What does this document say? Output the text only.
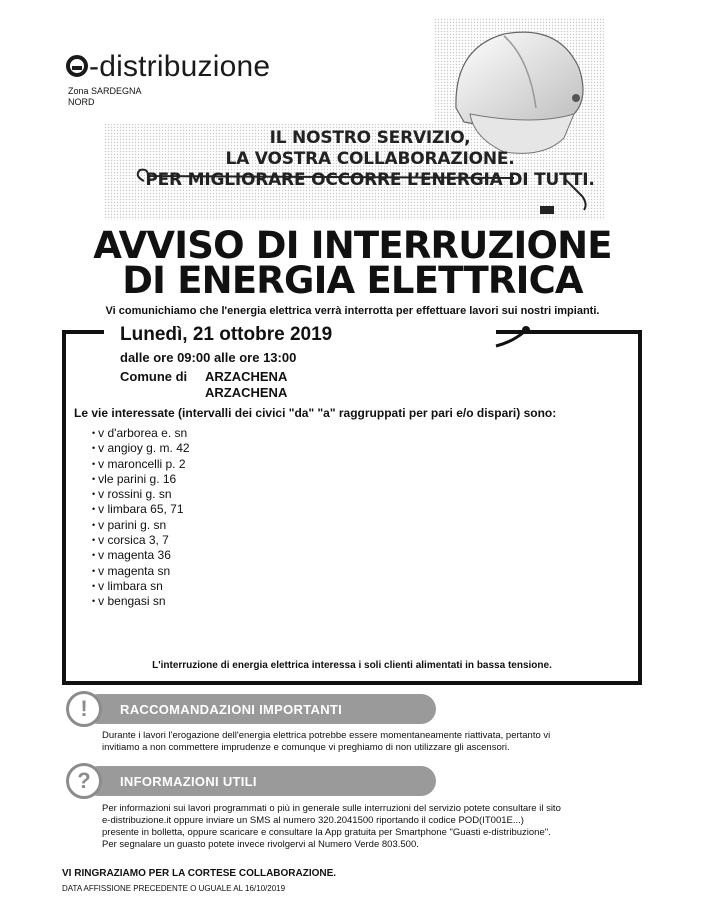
-distribuzione
Zona SARDEGNA
NORD
IL NOSTRO SERVIZIO,
LA VOSTRA COLLABORAZIONE.
PER MIGLIORARE OCCORRE L’ENERGIA DI TUTTI.
AVVISO DI INTERRUZIONE
DI ENERGIA ELETTRICA
Vi comunichiamo che l'energia elettrica verrà interrotta per effettuare lavori sui nostri impianti.
Lunedì, 21 ottobre 2019
dalle ore 09:00 alle ore 13:00
Comune di ARZACHENA
ARZACHENA
Le vie interessate (intervalli dei civici "da" "a" raggruppati per pari e/o dispari) sono:
• v d'arborea e. sn
• v angioy g. m. 42
• v maroncelli p. 2
• vle parini g. 16
• v rossini g. sn
• v limbara 65, 71
• v parini g. sn
• v corsica 3, 7
• v magenta 36
• v magenta sn
• v limbara sn
• v bengasi sn
L'interruzione di energia elettrica interessa i soli clienti alimentati in bassa tensione.
!	RACCOMANDAZIONI IMPORTANTI
Durante i lavori l'erogazione dell'energia elettrica potrebbe essere momentaneamente riattivata, pertanto vi
invitiamo a non commettere imprudenze e comunque vi preghiamo di non utilizzare gli ascensori.
?	INFORMAZIONI UTILI
Per informazioni sui lavori programmati o più in generale sulle interruzioni del servizio potete consultare il sito
e-distribuzione.it oppure inviare un SMS al numero 320.2041500 riportando il codice POD(IT001E...)
presente in bolletta, oppure scaricare e consultare la App gratuita per Smartphone "Guasti e-distribuzione".
Per segnalare un guasto potete invece rivolgervi al Numero Verde 803.500.
VI RINGRAZIAMO PER LA CORTESE COLLABORAZIONE.
DATA AFFISSIONE PRECEDENTE O UGUALE AL 16/10/2019
